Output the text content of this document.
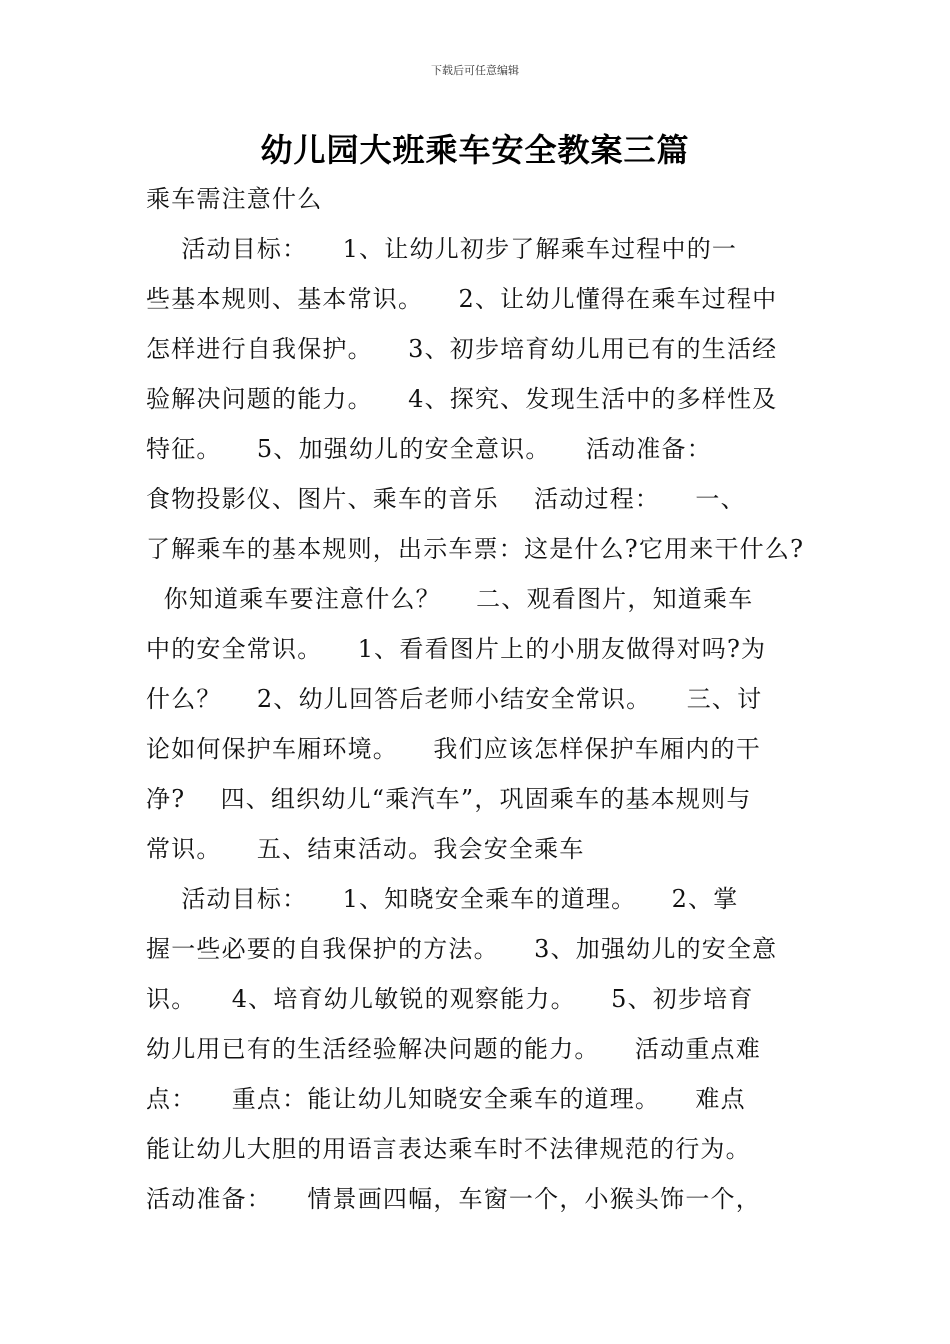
下载后可任意编辑
幼儿园大班乘车安全教案三篇
乘车需注意什么
活动目标：    1、让幼儿初步了解乘车过程中的一
些基本规则、基本常识。    2、让幼儿懂得在乘车过程中
怎样进行自我保护。    3、初步培育幼儿用已有的生活经
验解决问题的能力。    4、探究、发现生活中的多样性及
特征。    5、加强幼儿的安全意识。    活动准备：
食物投影仪、图片、乘车的音乐    活动过程：    一、
了解乘车的基本规则，出示车票：这是什么?它用来干什么?
你知道乘车要注意什么？    二、观看图片，知道乘车
中的安全常识。    1、看看图片上的小朋友做得对吗?为
什么？    2、幼儿回答后老师小结安全常识。    三、讨
论如何保护车厢环境。    我们应该怎样保护车厢内的干
净?    四、组织幼儿“乘汽车”，巩固乘车的基本规则与
常识。    五、结束活动。我会安全乘车
活动目标：    1、知晓安全乘车的道理。    2、掌
握一些必要的自我保护的方法。    3、加强幼儿的安全意
识。    4、培育幼儿敏锐的观察能力。    5、初步培育
幼儿用已有的生活经验解决问题的能力。    活动重点难
点：    重点：能让幼儿知晓安全乘车的道理。    难点
能让幼儿大胆的用语言表达乘车时不法律规范的行为。
活动准备：    情景画四幅，车窗一个，小猴头饰一个，
